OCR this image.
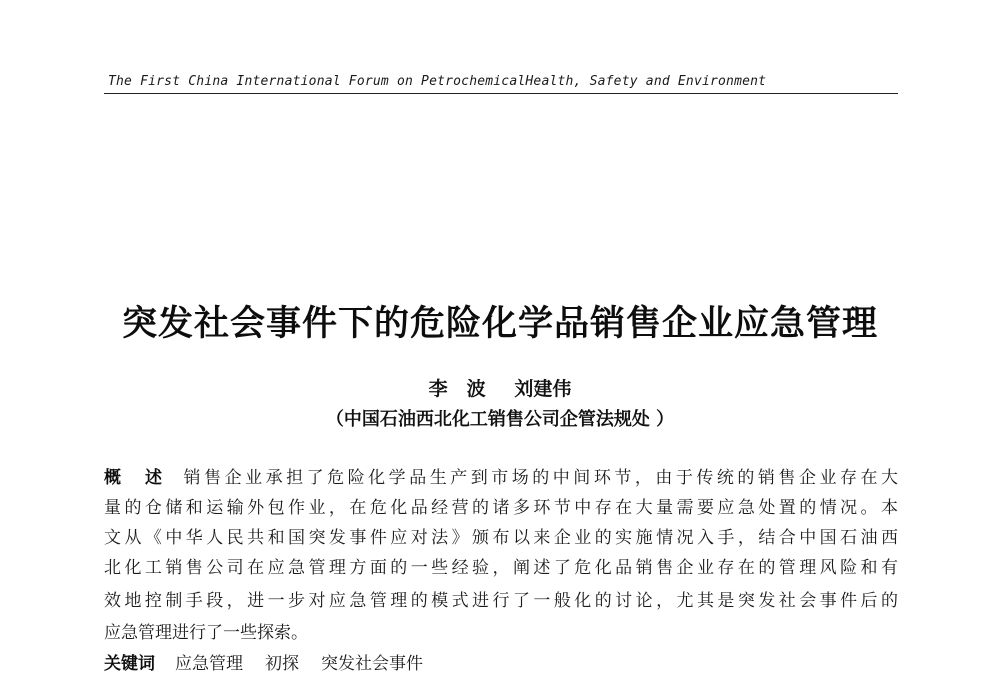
The First China International Forum on PetrochemicalHealth, Safety and Environment
突发社会事件下的危险化学品销售企业应急管理
李　波 刘建伟
（中国石油西北化工销售公司企管法规处 ）
概　述 销售企业承担了危险化学品生产到市场的中间环节，由于传统的销售企业存在大
量的仓储和运输外包作业，在危化品经营的诸多环节中存在大量需要应急处置的情况。本
文从《中华人民共和国突发事件应对法》颁布以来企业的实施情况入手，结合中国石油西
北化工销售公司在应急管理方面的一些经验，阐述了危化品销售企业存在的管理风险和有
效地控制手段，进一步对应急管理的模式进行了一般化的讨论，尤其是突发社会事件后的
应急管理进行了一些探索。
关键词 应急管理 初探 突发社会事件
